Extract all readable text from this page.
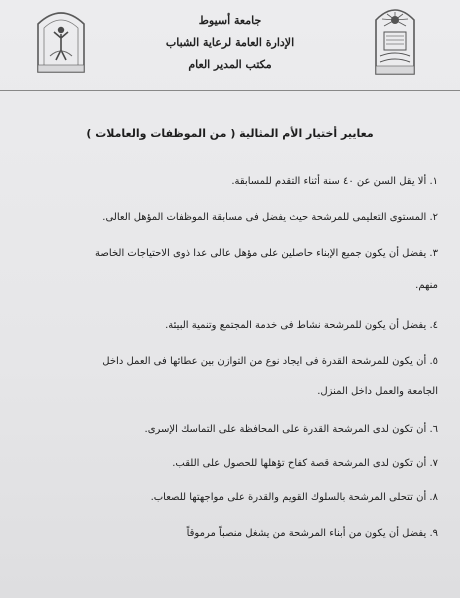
جامعة أسيوط
الإدارة العامة لرعاية الشباب
مكتب المدير العام
معايير أختيار الأم المثالية ( من الموظفات والعاملات )
١. ألا يقل السن عن ٤٠ سنة أثناء التقدم للمسابقة.
٢. المستوى التعليمى للمرشحة حيث يفضل فى مسابقة الموظفات المؤهل العالى.
٣. يفضل أن يكون جميع الإبناء حاصلين على مؤهل عالى عدا ذوى الاحتياجات الخاصة
منهم.
٤. يفضل أن يكون للمرشحة نشاط فى خدمة المجتمع وتنمية البيئة.
٥. أن يكون للمرشحة القدرة فى ايجاد نوع من التوازن بين عطائها فى العمل داخل
الجامعة والعمل داخل المنزل.
٦. أن تكون لدى المرشحة القدرة على المحافظة على التماسك الإسرى.
٧. أن تكون لدى المرشحة قصة كفاح تؤهلها للحصول على اللقب.
٨. أن تتحلى المرشحة بالسلوك القويم والقدرة على مواجهتها للصعاب.
٩. يفضل أن يكون من أبناء المرشحة من يشغل منصباً مرموقاً
